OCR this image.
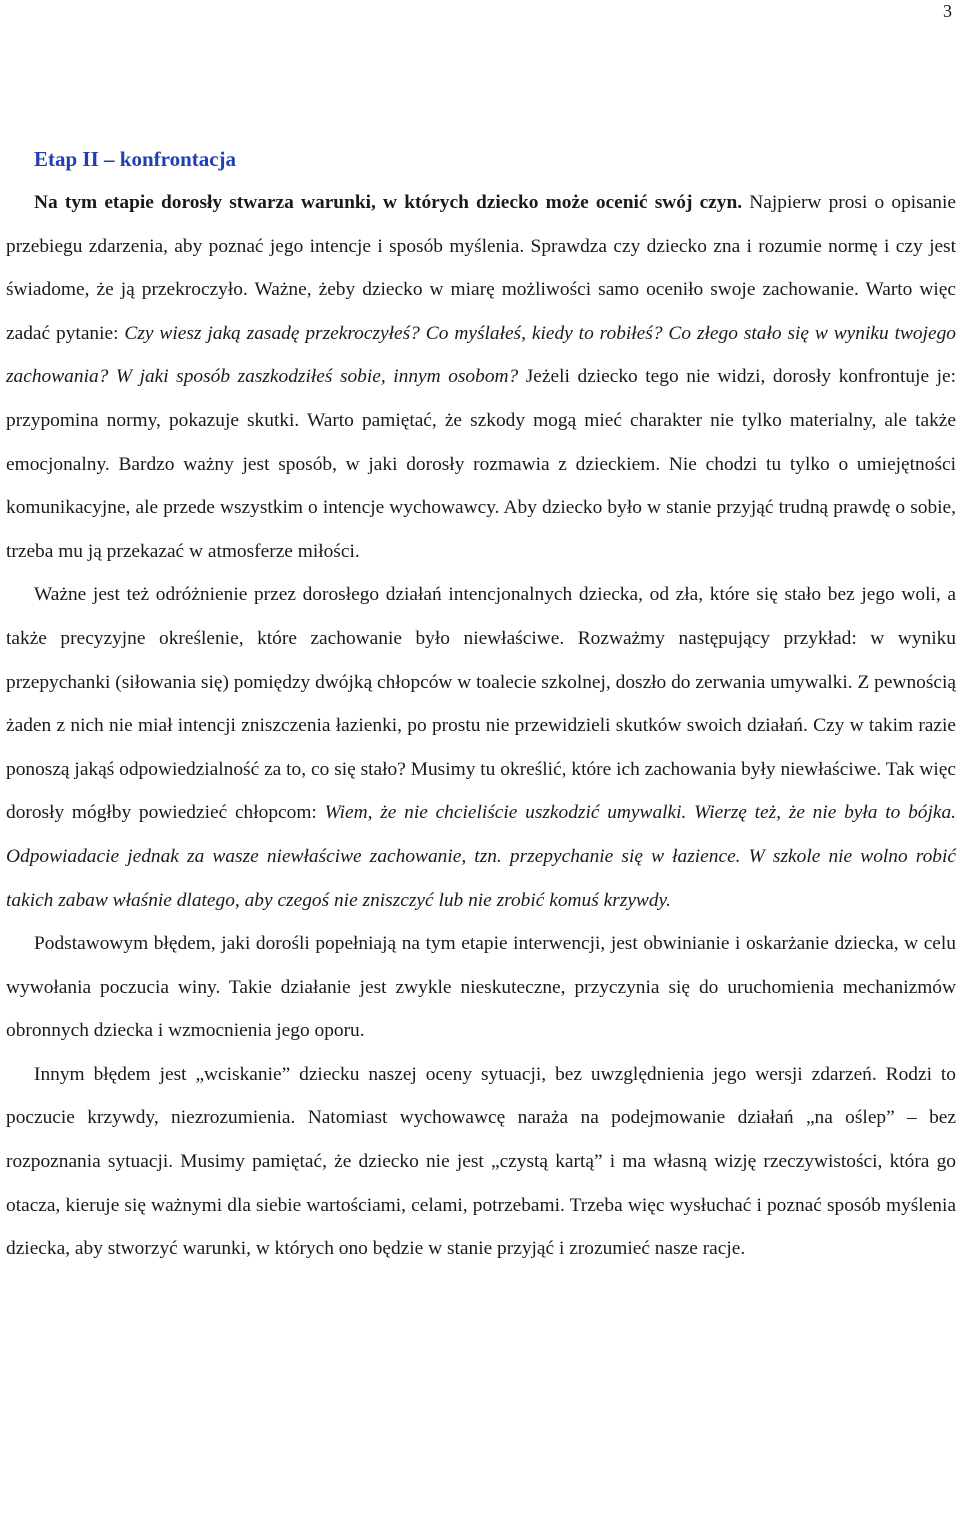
3
Etap II – konfrontacja

Na tym etapie dorosły stwarza warunki, w których dziecko może ocenić swój czyn. Najpierw prosi o opisanie przebiegu zdarzenia, aby poznać jego intencje i sposób myślenia. Sprawdza czy dziecko zna i rozumie normę i czy jest świadome, że ją przekroczyło. Ważne, żeby dziecko w miarę możliwości samo oceniło swoje zachowanie. Warto więc zadać pytanie: Czy wiesz jaką zasadę przekroczyłeś? Co myślałeś, kiedy to robiłeś? Co złego stało się w wyniku twojego zachowania? W jaki sposób zaszkodziłeś sobie, innym osobom? Jeżeli dziecko tego nie widzi, dorosły konfrontuje je: przypomina normy, pokazuje skutki. Warto pamiętać, że szkody mogą mieć charakter nie tylko materialny, ale także emocjonalny. Bardzo ważny jest sposób, w jaki dorosły rozmawia z dzieckiem. Nie chodzi tu tylko o umiejętności komunikacyjne, ale przede wszystkim o intencje wychowawcy. Aby dziecko było w stanie przyjąć trudną prawdę o sobie, trzeba mu ją przekazać w atmosferze miłości.

Ważne jest też odróżnienie przez dorosłego działań intencjonalnych dziecka, od zła, które się stało bez jego woli, a także precyzyjne określenie, które zachowanie było niewłaściwe. Rozważmy następujący przykład: w wyniku przepychanki (siłowania się) pomiędzy dwójką chłopców w toalecie szkolnej, doszło do zerwania umywalki. Z pewnością żaden z nich nie miał intencji zniszczenia łazienki, po prostu nie przewidzieli skutków swoich działań. Czy w takim razie ponoszą jakąś odpowiedzialność za to, co się stało? Musimy tu określić, które ich zachowania były niewłaściwe. Tak więc dorosły mógłby powiedzieć chłopcom: Wiem, że nie chcieliście uszkodzić umywalki. Wierzę też, że nie była to bójka. Odpowiadacie jednak za wasze niewłaściwe zachowanie, tzn. przepychanie się w łazience. W szkole nie wolno robić takich zabaw właśnie dlatego, aby czegoś nie zniszczyć lub nie zrobić komuś krzywdy.

Podstawowym błędem, jaki dorośli popełniają na tym etapie interwencji, jest obwinianie i oskarżanie dziecka, w celu wywołania poczucia winy. Takie działanie jest zwykle nieskuteczne, przyczynia się do uruchomienia mechanizmów obronnych dziecka i wzmocnienia jego oporu.

Innym błędem jest „wciskanie” dziecku naszej oceny sytuacji, bez uwzględnienia jego wersji zdarzeń. Rodzi to poczucie krzywdy, niezrozumienia. Natomiast wychowawcę naraża na podejmowanie działań „na oślep” – bez rozpoznania sytuacji. Musimy pamiętać, że dziecko nie jest „czystą kartą” i ma własną wizję rzeczywistości, która go otacza, kieruje się ważnymi dla siebie wartościami, celami, potrzebami. Trzeba więc wysłuchać i poznać sposób myślenia dziecka, aby stworzyć warunki, w których ono będzie w stanie przyjąć i zrozumieć nasze racje.
